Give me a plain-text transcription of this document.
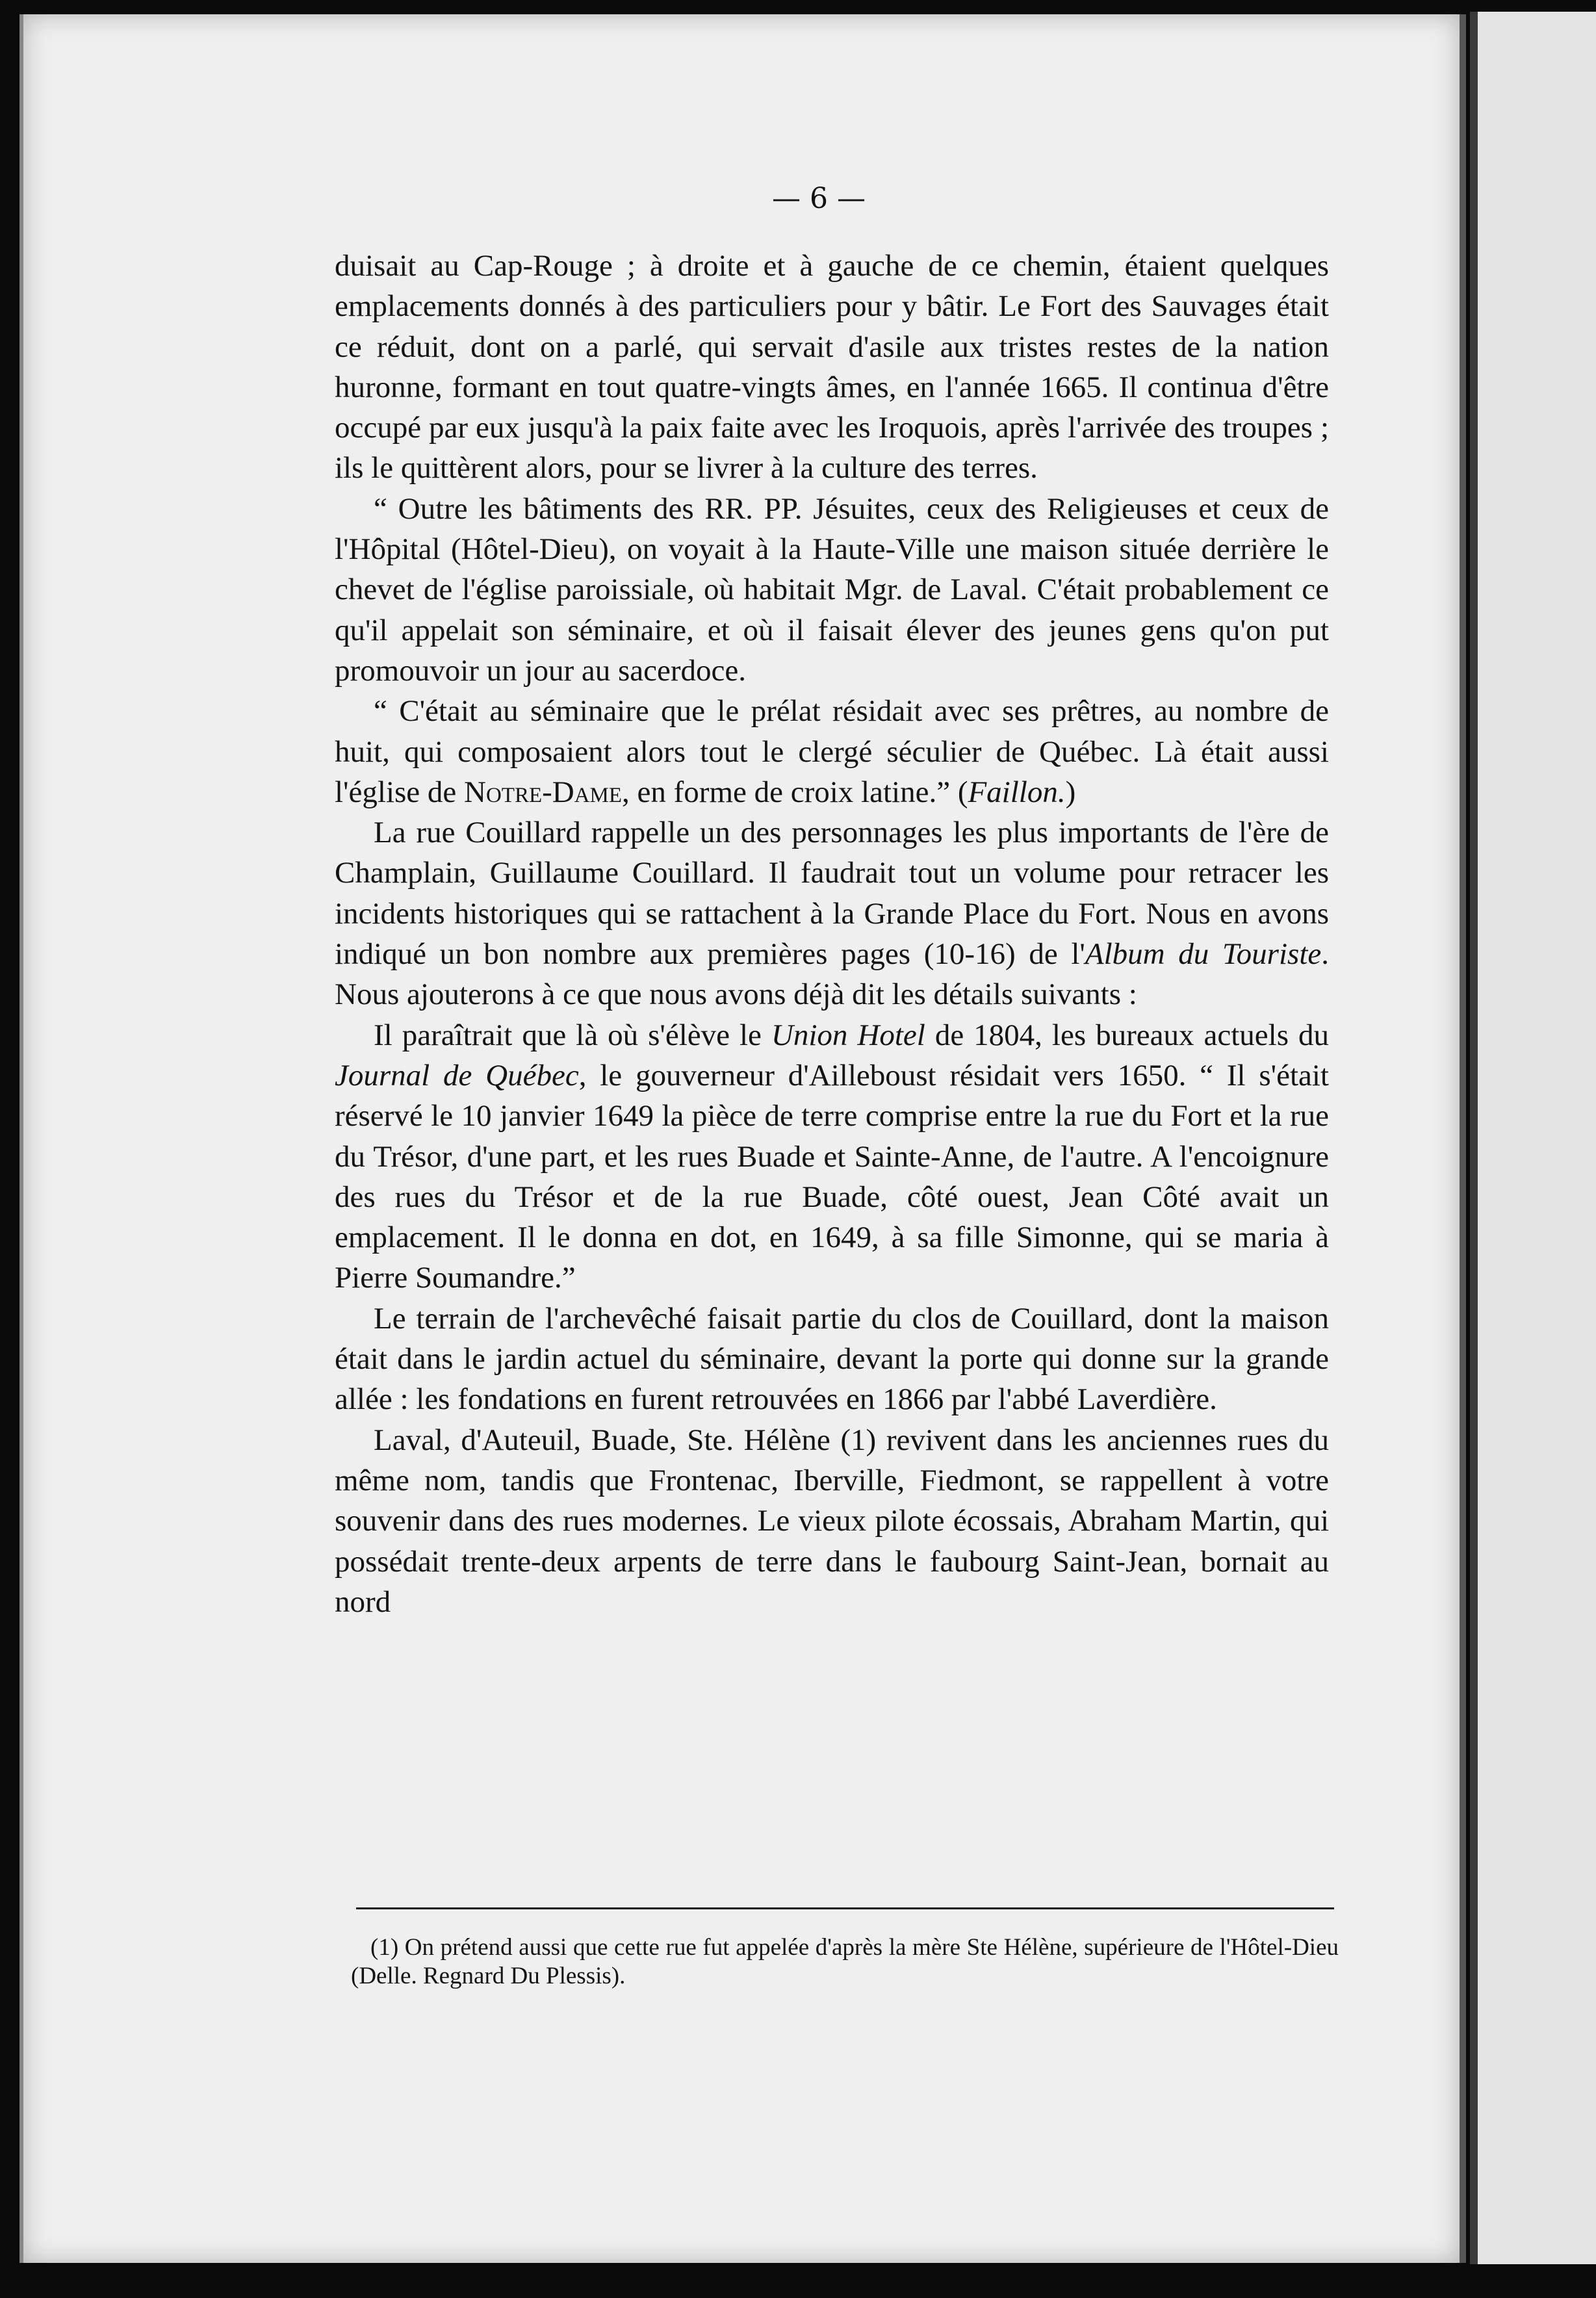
— 6 —

duisait au Cap-Rouge ; à droite et à gauche de ce chemin, étaient quelques emplacements donnés à des particuliers pour y bâtir. Le Fort des Sauvages était ce réduit, dont on a parlé, qui servait d'asile aux tristes restes de la nation huronne, formant en tout quatre-vingts âmes, en l'année 1665. Il continua d'être occupé par eux jusqu'à la paix faite avec les Iroquois, après l'arrivée des troupes ; ils le quittèrent alors, pour se livrer à la culture des terres.

“ Outre les bâtiments des RR. PP. Jésuites, ceux des Religieuses et ceux de l'Hôpital (Hôtel-Dieu), on voyait à la Haute-Ville une maison située derrière le chevet de l'église paroissiale, où habitait Mgr. de Laval. C'était probablement ce qu'il appelait son séminaire, et où il faisait élever des jeunes gens qu'on put promouvoir un jour au sacerdoce.

“ C'était au séminaire que le prélat résidait avec ses prêtres, au nombre de huit, qui composaient alors tout le clergé séculier de Québec. Là était aussi l'église de Notre-Dame, en forme de croix latine.” (Faillon.)

La rue Couillard rappelle un des personnages les plus importants de l'ère de Champlain, Guillaume Couillard. Il faudrait tout un volume pour retracer les incidents historiques qui se rattachent à la Grande Place du Fort. Nous en avons indiqué un bon nombre aux premières pages (10-16) de l'Album du Touriste. Nous ajouterons à ce que nous avons déjà dit les détails suivants :

Il paraîtrait que là où s'élève le Union Hotel de 1804, les bureaux actuels du Journal de Québec, le gouverneur d'Ailleboust résidait vers 1650. “ Il s'était réservé le 10 janvier 1649 la pièce de terre comprise entre la rue du Fort et la rue du Trésor, d'une part, et les rues Buade et Sainte-Anne, de l'autre. A l'encoignure des rues du Trésor et de la rue Buade, côté ouest, Jean Côté avait un emplacement. Il le donna en dot, en 1649, à sa fille Simonne, qui se maria à Pierre Soumandre.”

Le terrain de l'archevêché faisait partie du clos de Couillard, dont la maison était dans le jardin actuel du séminaire, devant la porte qui donne sur la grande allée : les fondations en furent retrouvées en 1866 par l'abbé Laverdière.

Laval, d'Auteuil, Buade, Ste. Hélène (1) revivent dans les anciennes rues du même nom, tandis que Frontenac, Iberville, Fiedmont, se rappellent à votre souvenir dans des rues modernes. Le vieux pilote écossais, Abraham Martin, qui possédait trente-deux arpents de terre dans le faubourg Saint-Jean, bornait au nord

(1) On prétend aussi que cette rue fut appelée d'après la mère Ste Hélène, supérieure de l'Hôtel-Dieu (Delle. Regnard Du Plessis).
